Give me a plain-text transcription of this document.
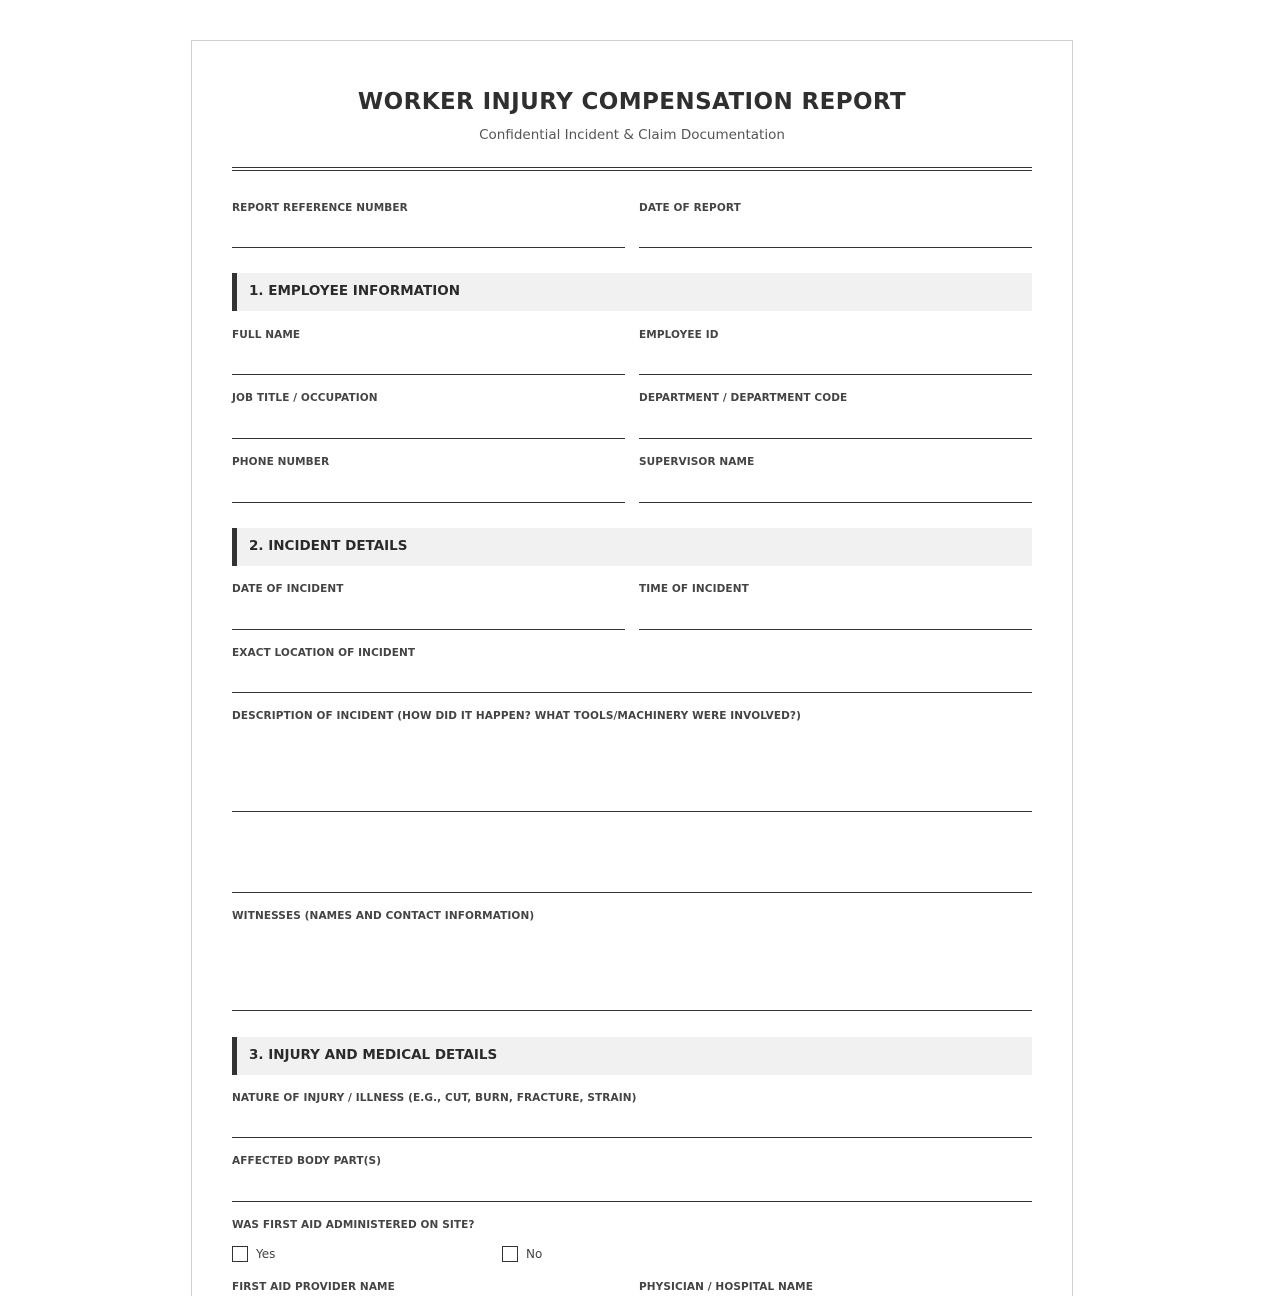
WORKER INJURY COMPENSATION REPORT
Confidential Incident & Claim Documentation
REPORT REFERENCE NUMBER	DATE OF REPORT
1. EMPLOYEE INFORMATION
FULL NAME	EMPLOYEE ID
JOB TITLE / OCCUPATION	DEPARTMENT / DEPARTMENT CODE
PHONE NUMBER	SUPERVISOR NAME
2. INCIDENT DETAILS
DATE OF INCIDENT	TIME OF INCIDENT
EXACT LOCATION OF INCIDENT
DESCRIPTION OF INCIDENT (HOW DID IT HAPPEN? WHAT TOOLS/MACHINERY WERE INVOLVED?)
WITNESSES (NAMES AND CONTACT INFORMATION)
3. INJURY AND MEDICAL DETAILS
NATURE OF INJURY / ILLNESS (E.G., CUT, BURN, FRACTURE, STRAIN)
AFFECTED BODY PART(S)
WAS FIRST AID ADMINISTERED ON SITE?
Yes	No
FIRST AID PROVIDER NAME	PHYSICIAN / HOSPITAL NAME
